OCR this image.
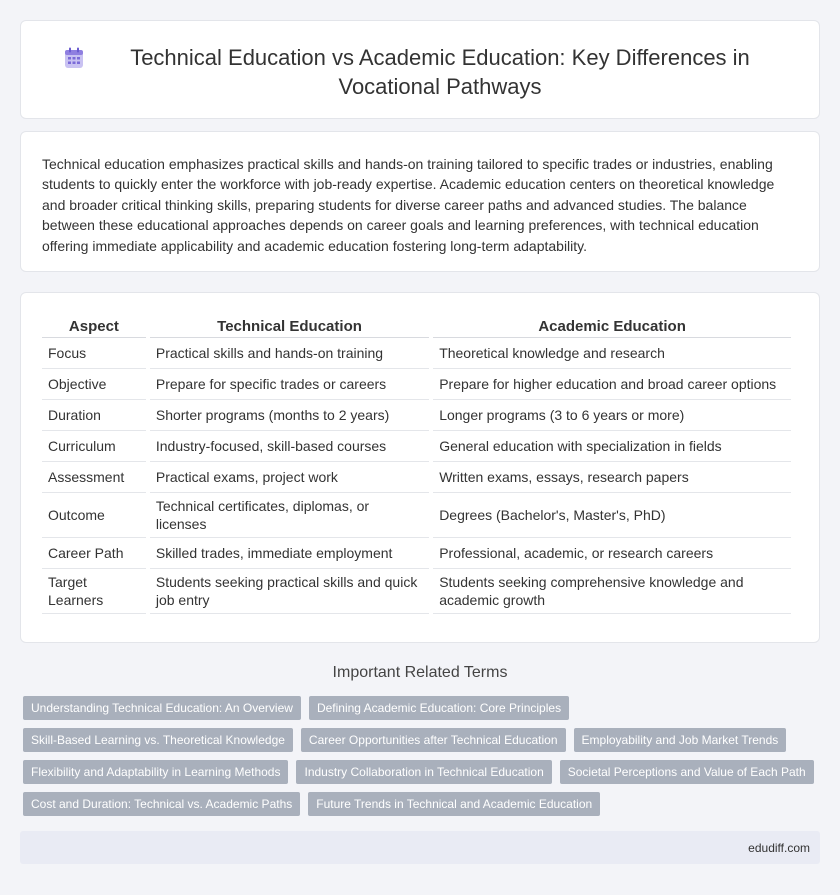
Technical Education vs Academic Education: Key Differences in Vocational Pathways

Technical education emphasizes practical skills and hands-on training tailored to specific trades or industries, enabling students to quickly enter the workforce with job-ready expertise. Academic education centers on theoretical knowledge and broader critical thinking skills, preparing students for diverse career paths and advanced studies. The balance between these educational approaches depends on career goals and learning preferences, with technical education offering immediate applicability and academic education fostering long-term adaptability.

Aspect	Technical Education	Academic Education
Focus	Practical skills and hands-on training	Theoretical knowledge and research
Objective	Prepare for specific trades or careers	Prepare for higher education and broad career options
Duration	Shorter programs (months to 2 years)	Longer programs (3 to 6 years or more)
Curriculum	Industry-focused, skill-based courses	General education with specialization in fields
Assessment	Practical exams, project work	Written exams, essays, research papers
Outcome	Technical certificates, diplomas, or licenses	Degrees (Bachelor's, Master's, PhD)
Career Path	Skilled trades, immediate employment	Professional, academic, or research careers
Target Learners	Students seeking practical skills and quick job entry	Students seeking comprehensive knowledge and academic growth
Important Related Terms
Understanding Technical Education: An Overview	Defining Academic Education: Core Principles
Skill-Based Learning vs. Theoretical Knowledge	Career Opportunities after Technical Education	Employability and Job Market Trends
Flexibility and Adaptability in Learning Methods	Industry Collaboration in Technical Education	Societal Perceptions and Value of Each Path
Cost and Duration: Technical vs. Academic Paths	Future Trends in Technical and Academic Education
edudiff.com
